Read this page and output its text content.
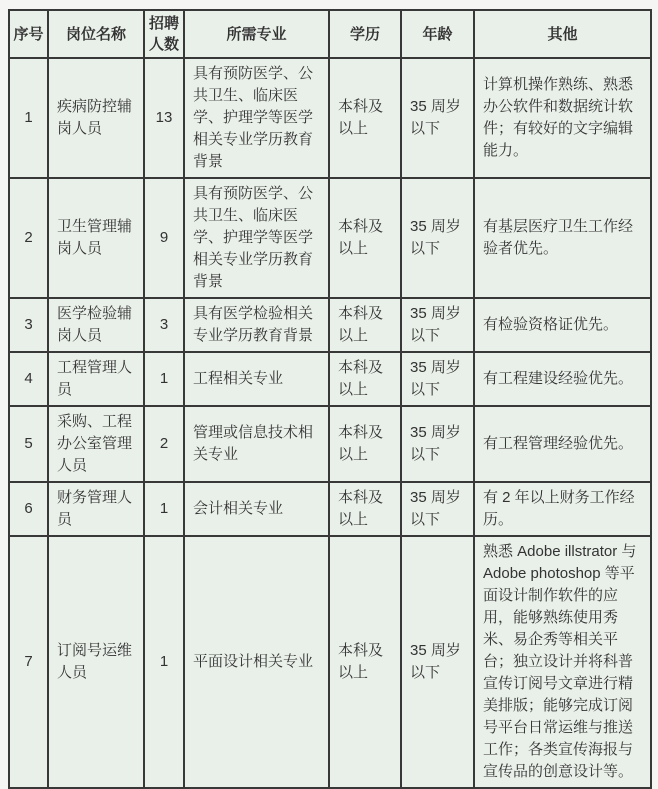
序号	岗位名称	招聘人数	所需专业	学历	年龄	其他
1	疾病防控辅岗人员	13	具有预防医学、公共卫生、临床医学、护理学等医学相关专业学历教育背景	本科及以上	35 周岁以下	计算机操作熟练、熟悉办公软件和数据统计软件；有较好的文字编辑能力。
2	卫生管理辅岗人员	9	具有预防医学、公共卫生、临床医学、护理学等医学相关专业学历教育背景	本科及以上	35 周岁以下	有基层医疗卫生工作经验者优先。
3	医学检验辅岗人员	3	具有医学检验相关专业学历教育背景	本科及以上	35 周岁以下	有检验资格证优先。
4	工程管理人员	1	工程相关专业	本科及以上	35 周岁以下	有工程建设经验优先。
5	采购、工程办公室管理人员	2	管理或信息技术相关专业	本科及以上	35 周岁以下	有工程管理经验优先。
6	财务管理人员	1	会计相关专业	本科及以上	35 周岁以下	有 2 年以上财务工作经历。
7	订阅号运维人员	1	平面设计相关专业	本科及以上	35 周岁以下	熟悉 Adobe illstrator 与 Adobe photoshop 等平面设计制作软件的应用，能够熟练使用秀米、易企秀等相关平台；独立设计并将科普宣传订阅号文章进行精美排版；能够完成订阅号平台日常运维与推送工作；各类宣传海报与宣传品的创意设计等。
